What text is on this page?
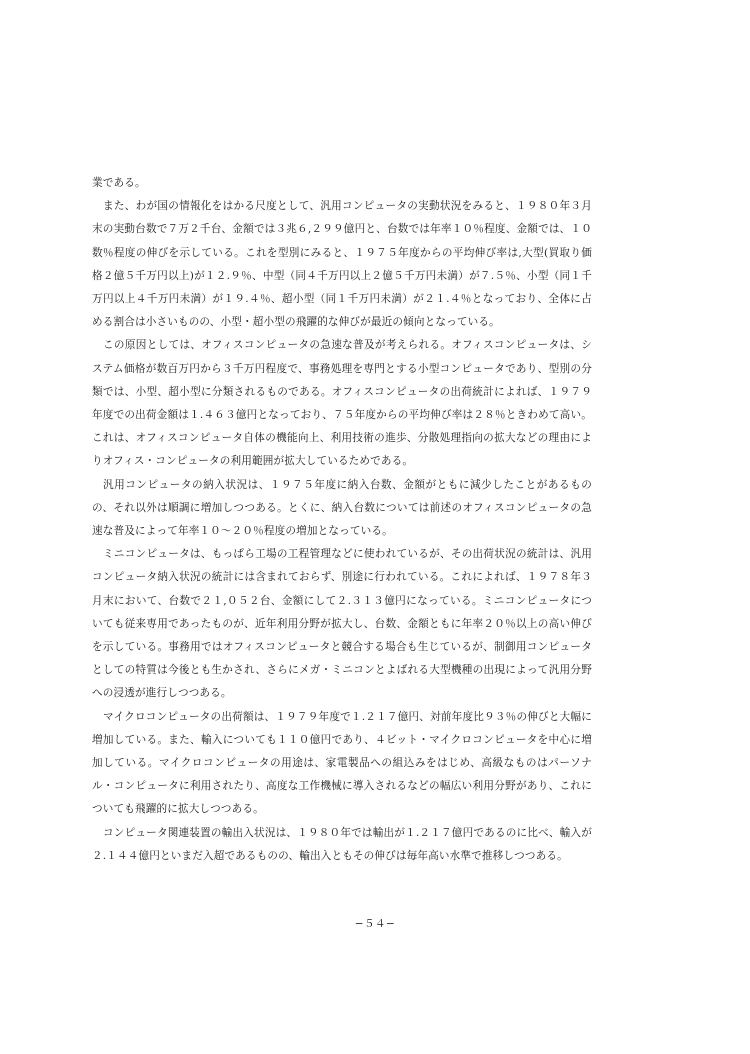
業である。

また、わが国の情報化をはかる尺度として、汎用コンピュータの実動状況をみると、１９８０年３月末の実動台数で７万２千台、金額では３兆６,２９９億円と、台数では年率１０％程度、金額では、１０数％程度の伸びを示している。これを型別にみると、１９７５年度からの平均伸び率は,大型(買取り価格２億５千万円以上)が１２.９％、中型（同４千万円以上２億５千万円未満）が７.５％、小型（同１千万円以上４千万円未満）が１９.４％、超小型（同１千万円未満）が２１.４％となっており、全体に占める割合は小さいものの、小型・超小型の飛躍的な伸びが最近の傾向となっている。

この原因としては、オフィスコンピュータの急速な普及が考えられる。オフィスコンピュータは、システム価格が数百万円から３千万円程度で、事務処理を専門とする小型コンピュータであり、型別の分類では、小型、超小型に分類されるものである。オフィスコンピュータの出荷統計によれば、１９７９年度での出荷金額は１.４６３億円となっており、７５年度からの平均伸び率は２８％ときわめて高い。これは、オフィスコンピュータ自体の機能向上、利用技術の進歩、分散処理指向の拡大などの理由によりオフィス・コンピュータの利用範囲が拡大しているためである。

汎用コンピュータの納入状況は、１９７５年度に納入台数、金額がともに減少したことがあるものの、それ以外は順調に増加しつつある。とくに、納入台数については前述のオフィスコンピュータの急速な普及によって年率１０～２０％程度の増加となっている。

ミニコンピュータは、もっぱら工場の工程管理などに使われているが、その出荷状況の統計は、汎用コンピュータ納入状況の統計には含まれておらず、別途に行われている。これによれば、１９７８年３月末において、台数で２１,０５２台、金額にして２.３１３億円になっている。ミニコンピュータについても従来専用であったものが、近年利用分野が拡大し、台数、金額ともに年率２０％以上の高い伸びを示している。事務用ではオフィスコンピュータと競合する場合も生じているが、制御用コンピュータとしての特質は今後とも生かされ、さらにメガ・ミニコンとよばれる大型機種の出現によって汎用分野への浸透が進行しつつある。

マイクロコンピュータの出荷額は、１９７９年度で１.２１７億円、対前年度比９３％の伸びと大幅に増加している。また、輸入についても１１０億円であり、４ビット・マイクロコンピュータを中心に増加している。マイクロコンピュータの用途は、家電製品への組込みをはじめ、高級なものはパーソナル・コンピュータに利用されたり、高度な工作機械に導入されるなどの幅広い利用分野があり、これについても飛躍的に拡大しつつある。

コンピュータ関連装置の輸出入状況は、１９８０年では輸出が１.２１７億円であるのに比べ、輸入が２.１４４億円といまだ入超であるものの、輸出入ともその伸びは毎年高い水準で推移しつつある。

−５４−
